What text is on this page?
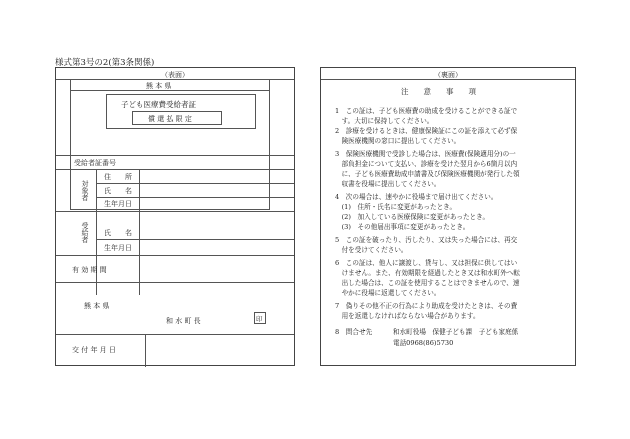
様式第3号の2(第3条関係)
（表面）
熊 本 県
子ども医療費受給者証
償 還 払 限 定
受給者証番号
対象者
住　　所
氏　　名
生年月日
受給者 氏　　名
生年月日
有 効 期 間
熊 本 県
和 水 町 長	印
交 付 年 月 日
（裏面）
注　　意　　事　　項
1　この証は、子ども医療費の助成を受けることができる証で
　す。大切に保持してください。
2　診療を受けるときは、健康保険証にこの証を添えて必ず保
　険医療機関の窓口に提出してください。
3　保険医療機関で受診した場合は、医療費(保険適用分)の一
　部負担金について支払い、診療を受けた翌月から6箇月以内
　に、子ども医療費助成申請書及び保険医療機関が発行した領
　収書を役場に提出してください。
4　次の場合は、速やかに役場まで届け出てください。
　(1)　住所・氏名に変更があったとき。
　(2)　加入している医療保険に変更があったとき。
　(3)　その他届出事項に変更があったとき。
5　この証を破ったり、汚したり、又は失った場合には、再交
　付を受けてください。
6　この証は、他人に譲渡し、貸与し、又は担保に供してはい
　けません。また、有効期限を経過したとき又は和水町外へ転
　出した場合は、この証を使用することはできませんので、速
　やかに役場に返還してください。
7　偽りその他不正の行為により助成を受けたときは、その費
　用を返還しなければならない場合があります。
8　問合せ先	和水町役場　保健子ども課　子ども家庭係
電話0968(86)5730
